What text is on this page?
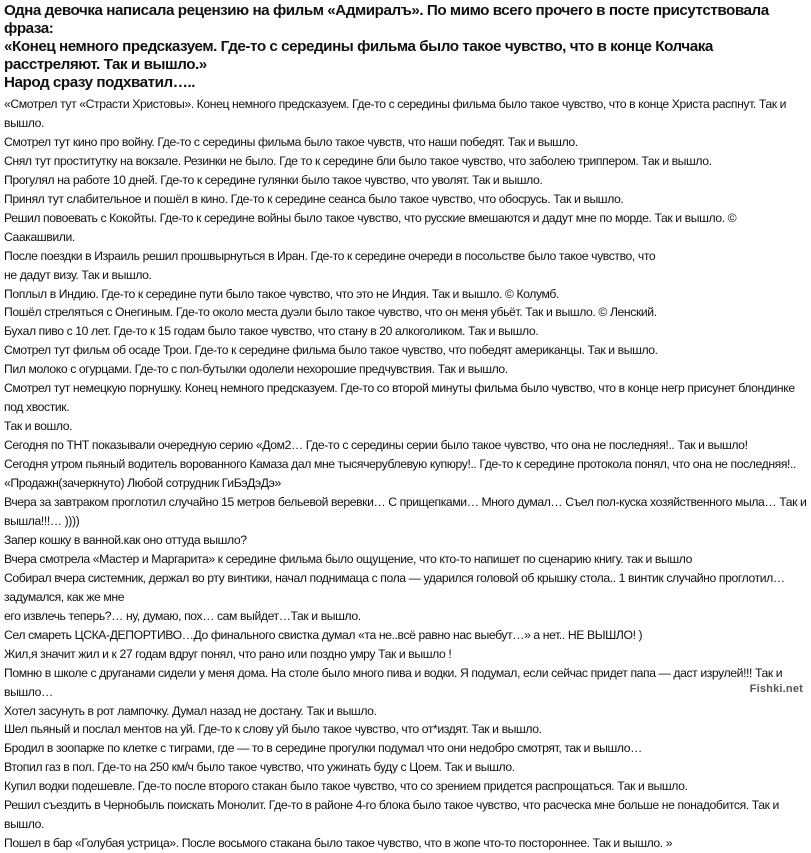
Одна девочка написала рецензию на фильм «Адмиралъ». По мимо всего прочего в посте присутствовала фраза:
«Конец немного предсказуем. Где-то с середины фильма было такое чувство, что в конце Колчака расстреляют. Так и вышло.»
Народ сразу подхватил…..
«Смотрел тут «Страсти Христовы». Конец немного предсказуем. Где-то с середины фильма было такое чувство, что в конце Христа распнут. Так и вышло.
Смотрел тут кино про войну. Где-то с середины фильма было такое чувств, что наши победят. Так и вышло.
Снял тут проститутку на вокзале. Резинки не было. Где то к середине бли было такое чувство, что заболею триппером. Так и вышло.
Прогулял на работе 10 дней. Где-то к середине гулянки было такое чувство, что уволят. Так и вышло.
Принял тут слабительное и пошёл в кино. Где-то к середине сеанса было такое чувство, что обосрусь. Так и вышло.
Решил повоевать с Кокойты. Где-то к середине войны было такое чувство, что русские вмешаются и дадут мне по морде. Так и вышло. © Саакашвили.
После поездки в Израиль решил прошвырнуться в Иран. Где-то к середине очереди в посольстве было такое чувство, что
не дадут визу. Так и вышло.
Поплыл в Индию. Где-то к середине пути было такое чувство, что это не Индия. Так и вышло. © Колумб.
Пошёл стреляться с Онегиным. Где-то около места дуэли было такое чувство, что он меня убьёт. Так и вышло. © Ленский.
Бухал пиво с 10 лет. Где-то к 15 годам было такое чувство, что стану в 20 алкоголиком. Так и вышло.
Смотрел тут фильм об осаде Трои. Где-то к середине фильма было такое чувство, что победят американцы. Так и вышло.
Пил молоко с огурцами. Где-то с пол-бутылки одолели нехорошие предчувствия. Так и вышло.
Смотрел тут немецкую порнушку. Конец немного предсказуем. Где-то со второй минуты фильма было чувство, что в конце негр присунет блондинке под хвостик.
Так и вошло.
Сегодня по ТНТ показывали очередную серию «Дом2… Где-то с середины серии было такое чувство, что она не последняя!.. Так и вышло!
Сегодня утром пьяный водитель ворованного Камаза дал мне тысячерублевую купюру!.. Где-то к середине протокола понял, что она не последняя!..
«Продажн(зачеркнуто) Любой сотрудник ГиБэДэДэ»
Вчера за завтраком проглотил случайно 15 метров бельевой веревки… С прищепками… Много думал… Съел пол-куска хозяйственного мыла… Так и вышла!!!… ))))
Запер кошку в ванной.как оно оттуда вышло?
Вчера смотрела «Мастер и Маргарита» к середине фильма было ощущение, что кто-то напишет по сценарию книгу. так и вышло
Собирал вчера системник, держал во рту винтики, начал поднимаца с пола — ударился головой об крышку стола.. 1 винтик случайно проглотил… задумался, как же мне
его извлечь теперь?… ну, думаю, пох… сам выйдет…Так и вышло.
Сел смареть ЦСКА-ДЕПОРТИВО…До финального свистка думал «та не..всё равно нас выебут…» а нет.. НЕ ВЫШЛО! )
Жил,я значит жил и к 27 годам вдруг понял, что рано или поздно умру Так и вышло !
Помню в школе с друганами сидели у меня дома. На столе было много пива и водки. Я подумал, если сейчас придет папа — даст изрулей!!! Так и вышло…
Хотел засунуть в рот лампочку. Думал назад не достану. Так и вышло.
Шел пьяный и послал ментов на уй. Где-то к слову уй было такое чувство, что от*издят. Так и вышло.
Бродил в зоопарке по клетке с тиграми, где — то в середине прогулки подумал что они недобро смотрят, так и вышло…
Втопил газ в пол. Где-то на 250 км/ч было такое чувство, что ужинать буду с Цоем. Так и вышло.
Купил водки подешевле. Где-то после второго стакан было такое чувство, что со зрением придется распрощаться. Так и вышло.
Решил съездить в Чернобыль поискать Монолит. Где-то в районе 4-го блока было такое чувство, что расческа мне больше не понадобится. Так и вышло.
Пошел в бар «Голубая устрица». После восьмого стакана было такое чувство, что в жопе что-то постороннее. Так и вышло. »
Fishki.net
